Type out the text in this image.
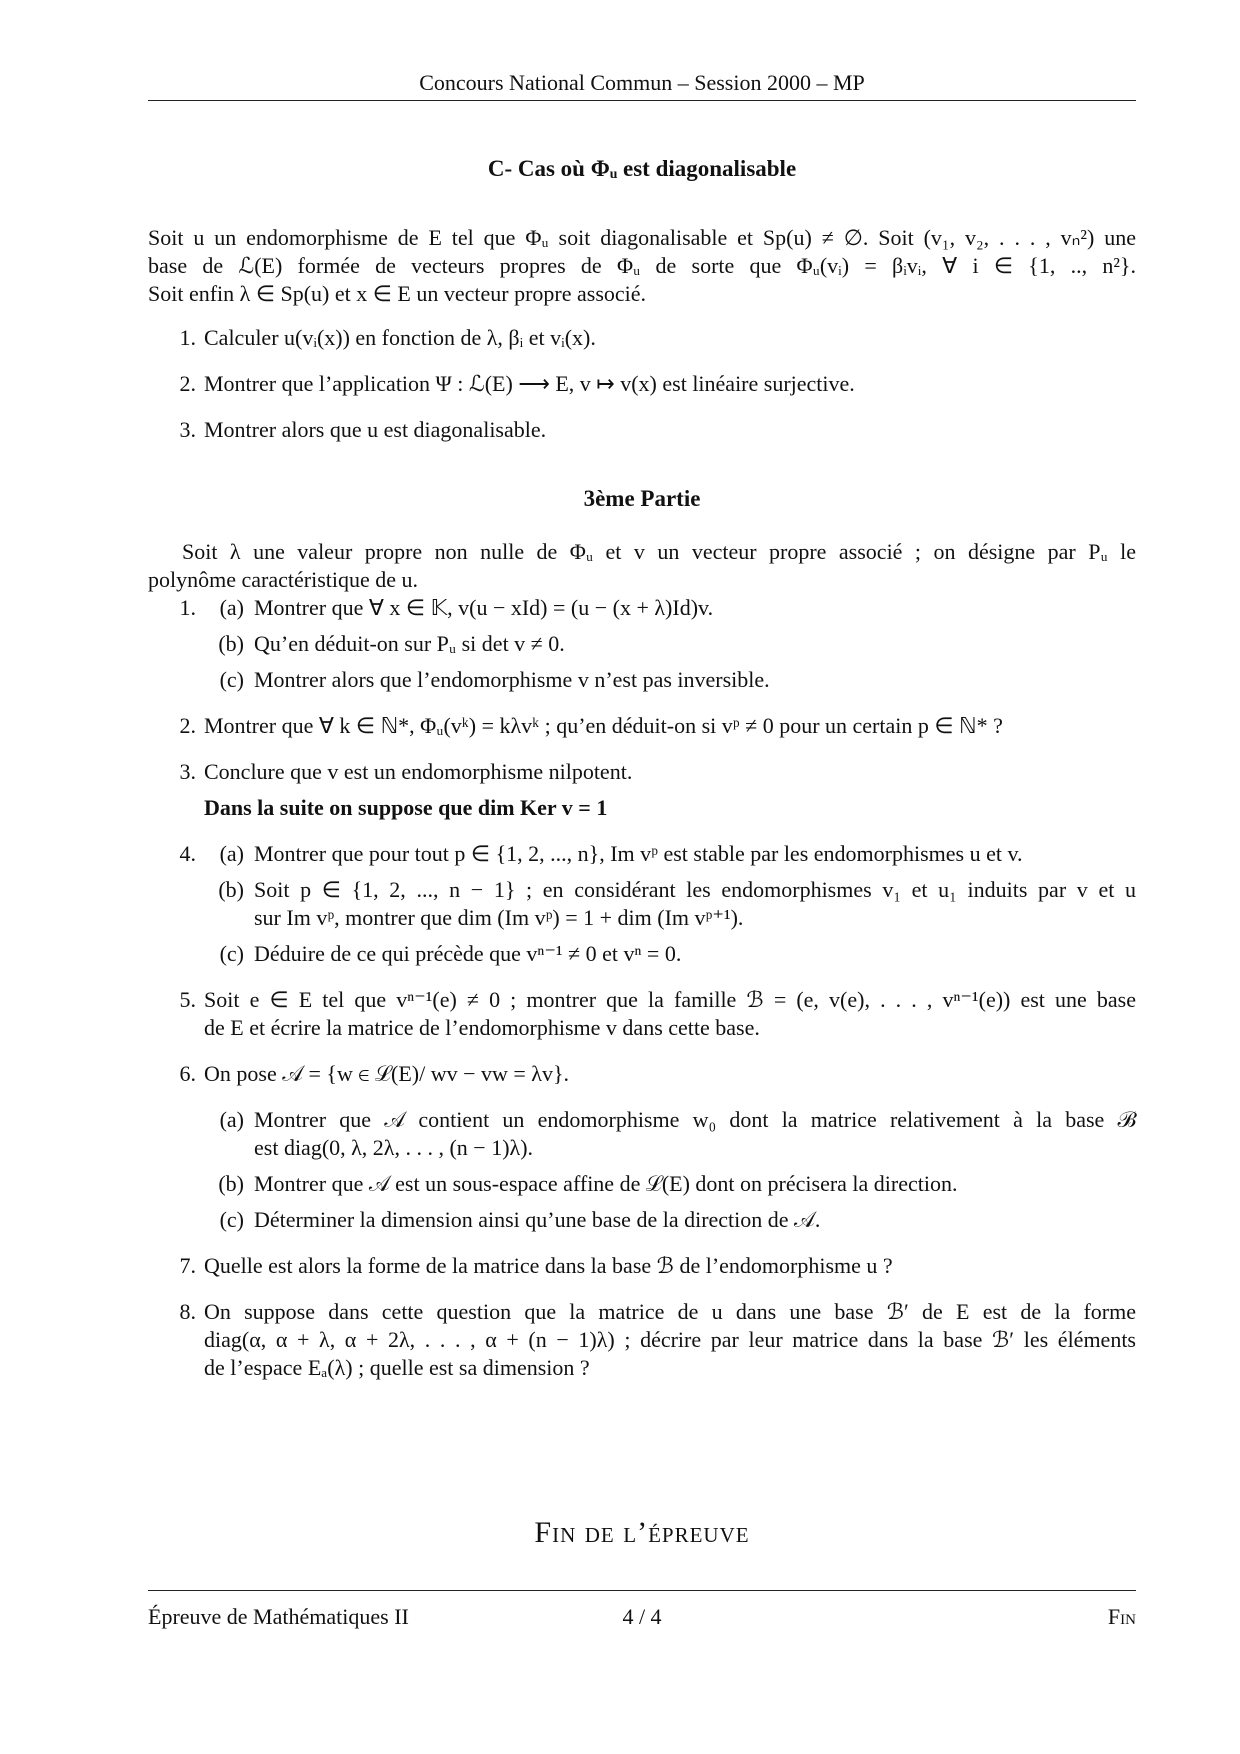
Concours National Commun – Session 2000 – MP
C- Cas où Φᵤ est diagonalisable
Soit u un endomorphisme de E tel que Φᵤ soit diagonalisable et Sp(u) ≠ ∅. Soit (v₁, v₂, . . . , vₙ²) une
base de ℒ(E) formée de vecteurs propres de Φᵤ de sorte que Φᵤ(vᵢ) = βᵢvᵢ, ∀ i ∈ {1, .., n²}.
Soit enfin λ ∈ Sp(u) et x ∈ E un vecteur propre associé.
1. Calculer u(vᵢ(x)) en fonction de λ, βᵢ et vᵢ(x).
2. Montrer que l’application Ψ : ℒ(E) ⟶ E, v ↦ v(x) est linéaire surjective.
3. Montrer alors que u est diagonalisable.
3ème Partie
Soit λ une valeur propre non nulle de Φᵤ et v un vecteur propre associé ; on désigne par Pᵤ le
polynôme caractéristique de u.
1.	(a) Montrer que ∀ x ∈ 𝕂, v(u − xId) = (u − (x + λ)Id)v.
(b) Qu’en déduit-on sur Pᵤ si det v ≠ 0.
(c) Montrer alors que l’endomorphisme v n’est pas inversible.
2. Montrer que ∀ k ∈ ℕ*, Φᵤ(vᵏ) = kλvᵏ ; qu’en déduit-on si vᵖ ≠ 0 pour un certain p ∈ ℕ* ?
3. Conclure que v est un endomorphisme nilpotent.
Dans la suite on suppose que dim Ker v = 1
4.	(a) Montrer que pour tout p ∈ {1, 2, ..., n}, Im vᵖ est stable par les endomorphismes u et v.
(b) Soit p ∈ {1, 2, ..., n − 1} ; en considérant les endomorphismes v₁ et u₁ induits par v et u
sur Im vᵖ, montrer que dim (Im vᵖ) = 1 + dim (Im vᵖ⁺¹).
(c) Déduire de ce qui précède que vⁿ⁻¹ ≠ 0 et vⁿ = 0.
5. Soit e ∈ E tel que vⁿ⁻¹(e) ≠ 0 ; montrer que la famille ℬ = (e, v(e), . . . , vⁿ⁻¹(e)) est une base
de E et écrire la matrice de l’endomorphisme v dans cette base.
6. On pose 𝒜 = {w ∈ ℒ(E)/ wv − vw = λv}.
(a) Montrer que 𝒜 contient un endomorphisme w₀ dont la matrice relativement à la base ℬ
est diag(0, λ, 2λ, . . . , (n − 1)λ).
(b) Montrer que 𝒜 est un sous-espace affine de ℒ(E) dont on précisera la direction.
(c) Déterminer la dimension ainsi qu’une base de la direction de 𝒜.
7. Quelle est alors la forme de la matrice dans la base ℬ de l’endomorphisme u ?
8. On suppose dans cette question que la matrice de u dans une base ℬ′ de E est de la forme
diag(α, α + λ, α + 2λ, . . . , α + (n − 1)λ) ; décrire par leur matrice dans la base ℬ′ les éléments
de l’espace Eₐ(λ) ; quelle est sa dimension ?
Fin de l’épreuve
Épreuve de Mathématiques II	4 / 4	Fin
